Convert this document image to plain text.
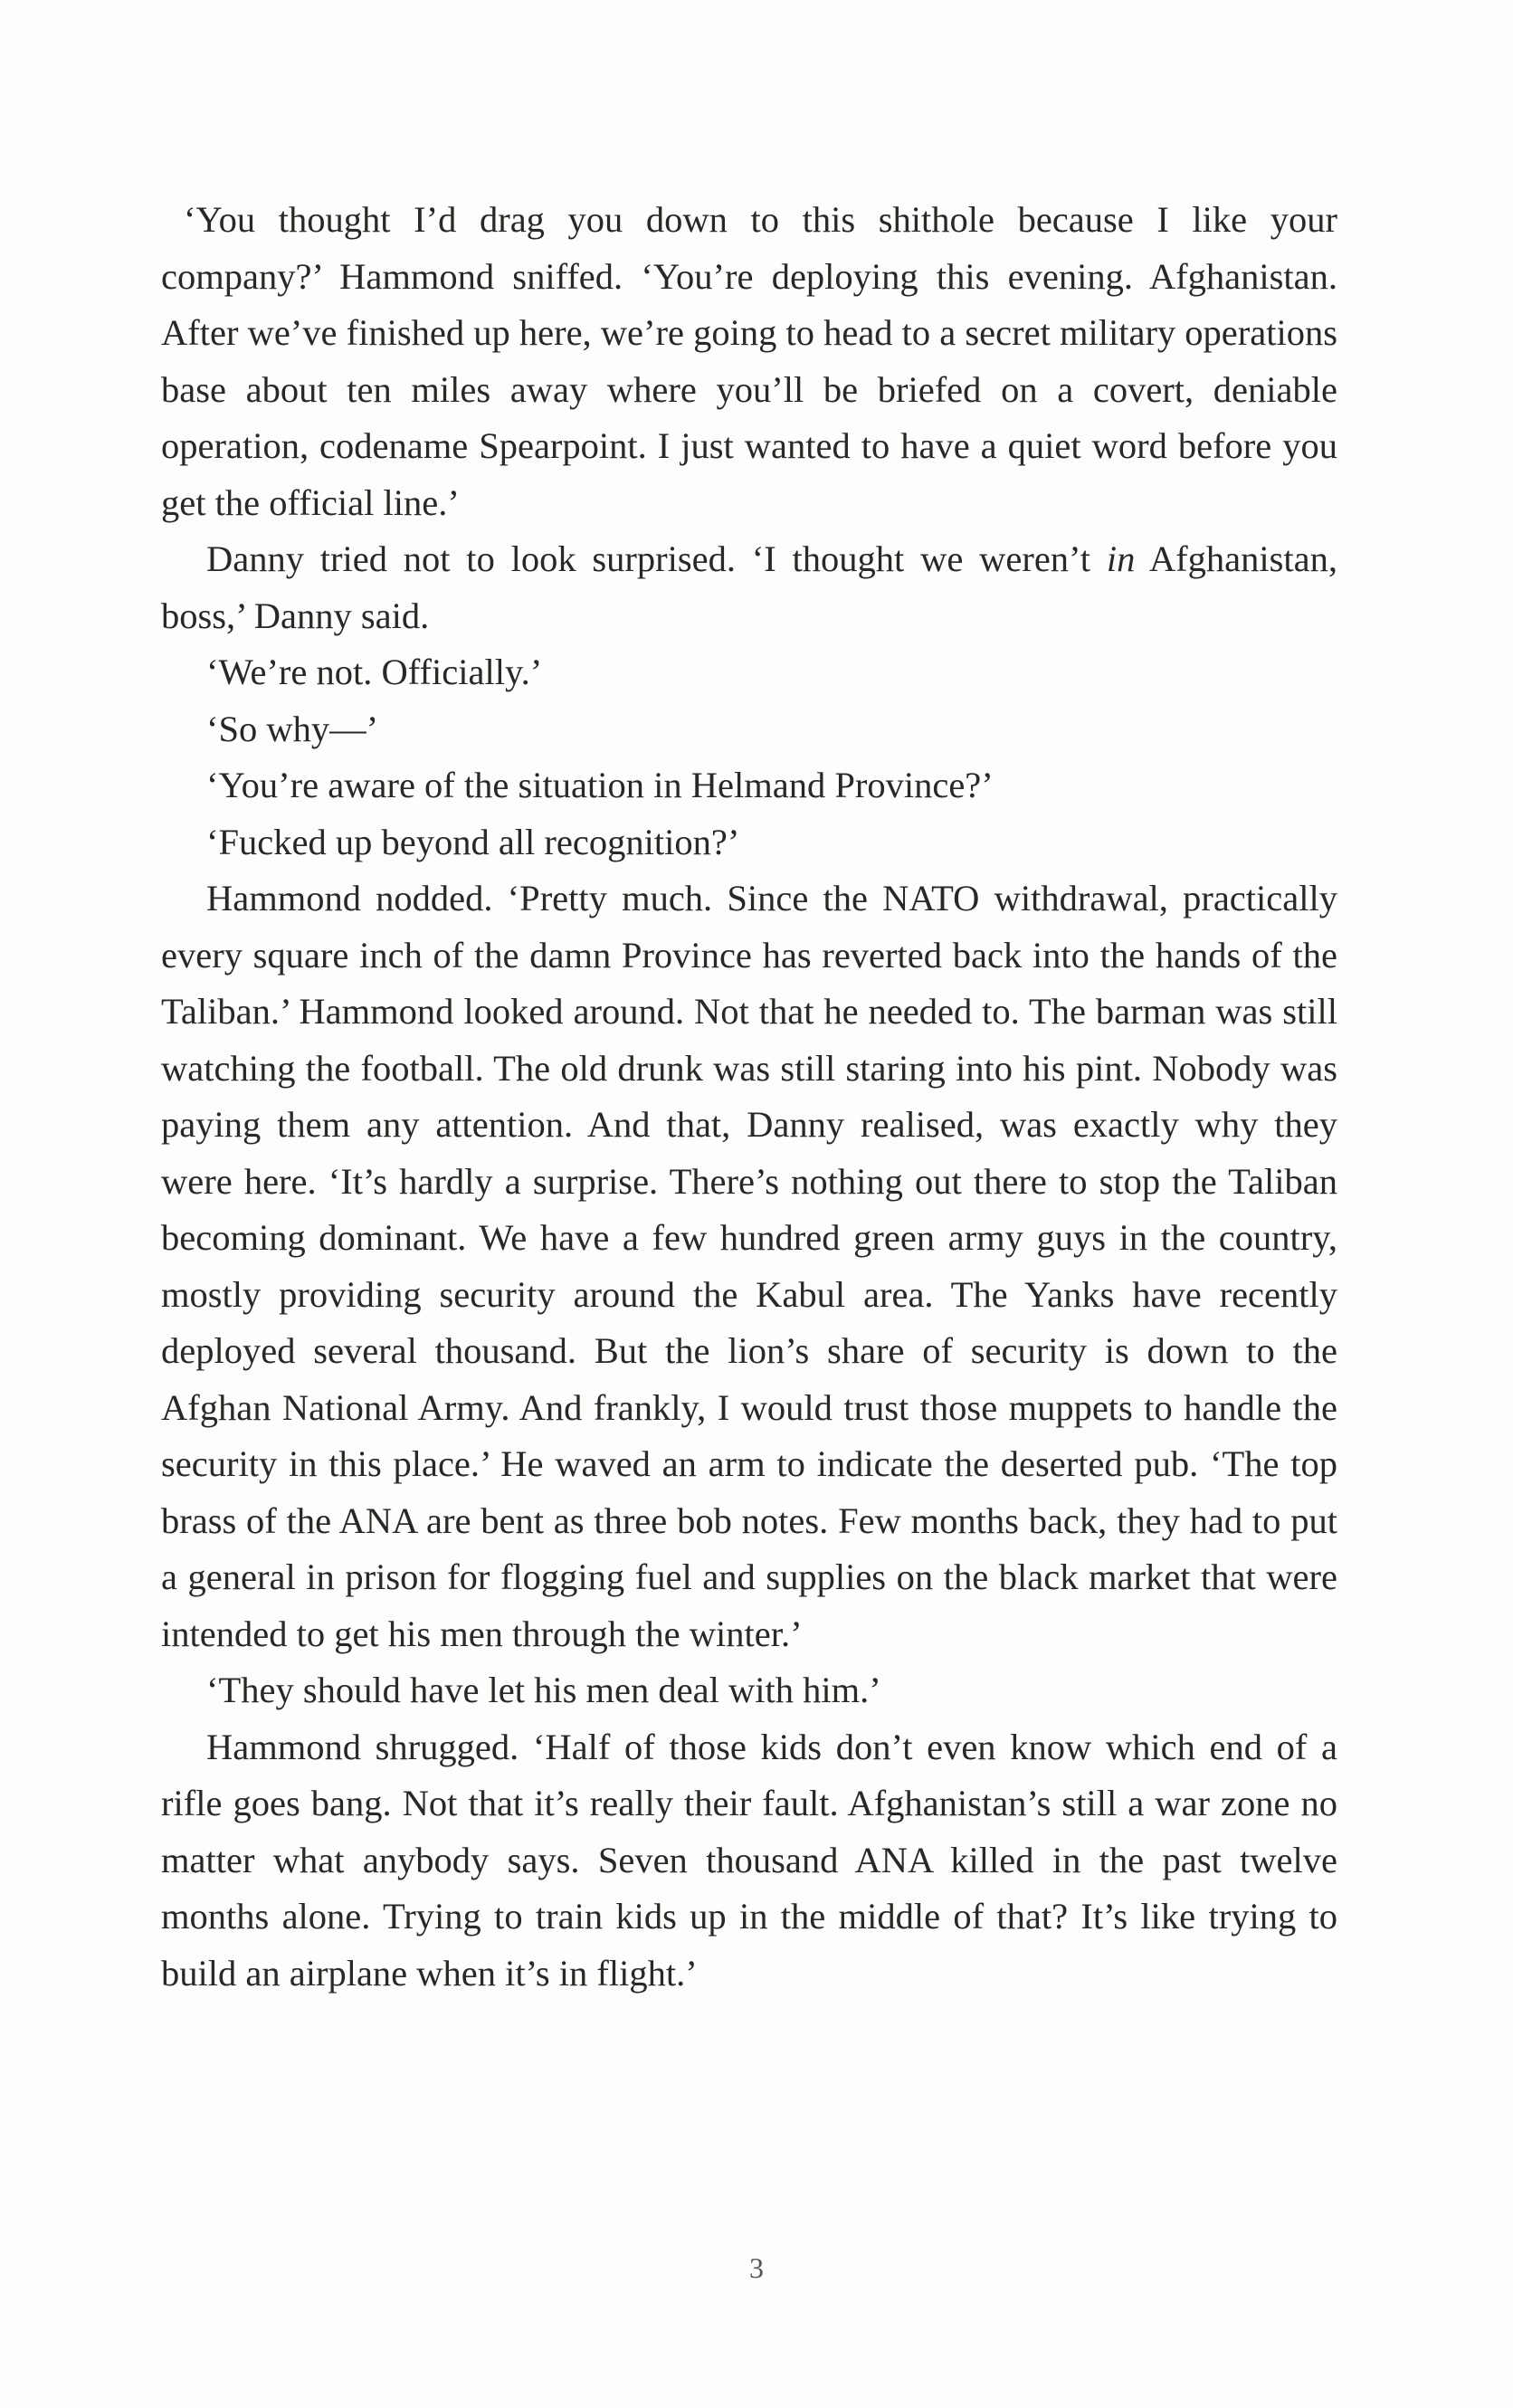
‘You thought I’d drag you down to this shithole because I like your company?’ Hammond sniffed. ‘You’re deploying this evening. Afghanistan. After we’ve finished up here, we’re going to head to a secret military operations base about ten miles away where you’ll be briefed on a covert, deniable operation, codename Spearpoint. I just wanted to have a quiet word before you get the official line.’

Danny tried not to look surprised. ‘I thought we weren’t in Afghanistan, boss,’ Danny said.

‘We’re not. Officially.’

‘So why—’

‘You’re aware of the situation in Helmand Province?’

‘Fucked up beyond all recognition?’

Hammond nodded. ‘Pretty much. Since the NATO withdrawal, practically every square inch of the damn Province has reverted back into the hands of the Taliban.’ Hammond looked around. Not that he needed to. The barman was still watching the football. The old drunk was still staring into his pint. Nobody was paying them any attention. And that, Danny realised, was exactly why they were here. ‘It’s hardly a surprise. There’s nothing out there to stop the Taliban becoming dominant. We have a few hundred green army guys in the country, mostly providing security around the Kabul area. The Yanks have recently deployed several thousand. But the lion’s share of security is down to the Afghan National Army. And frankly, I would trust those muppets to handle the security in this place.’ He waved an arm to indicate the deserted pub. ‘The top brass of the ANA are bent as three bob notes. Few months back, they had to put a general in prison for flogging fuel and supplies on the black market that were intended to get his men through the winter.’

‘They should have let his men deal with him.’

Hammond shrugged. ‘Half of those kids don’t even know which end of a rifle goes bang. Not that it’s really their fault. Afghanistan’s still a war zone no matter what anybody says. Seven thousand ANA killed in the past twelve months alone. Trying to train kids up in the middle of that? It’s like trying to build an airplane when it’s in flight.’

3
